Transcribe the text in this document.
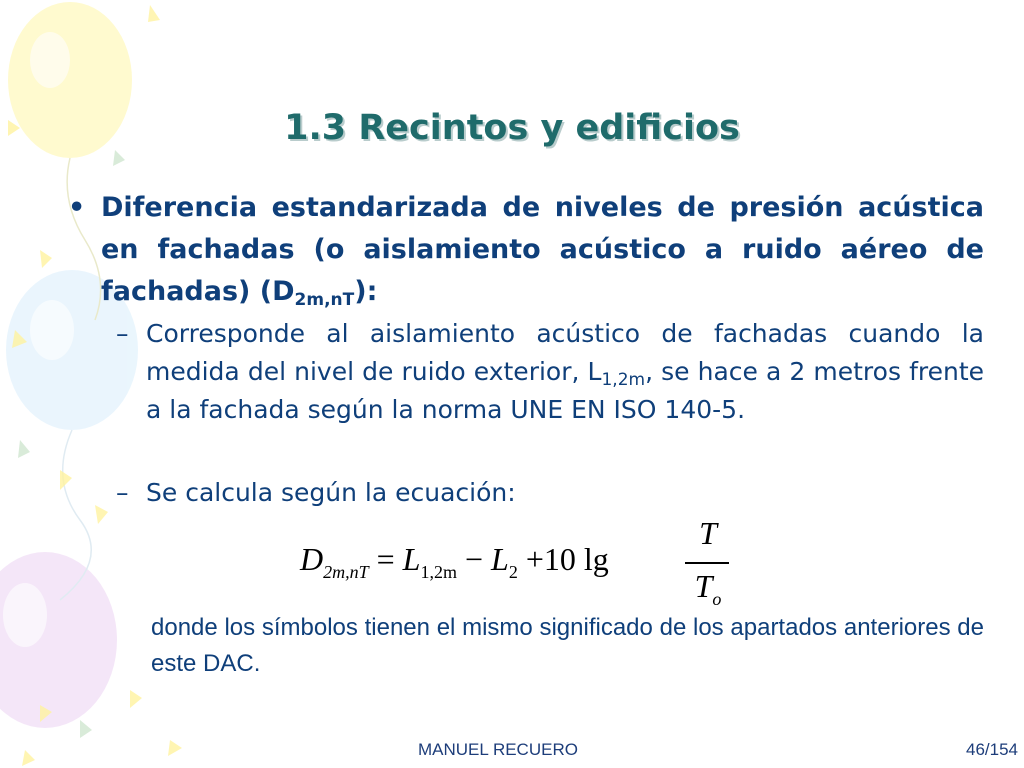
1.3 Recintos y edificios
• Diferencia estandarizada de niveles de presión acústica en fachadas (o aislamiento acústico a ruido aéreo de fachadas) $(D_{2m,nT})$:
– Corresponde al aislamiento acústico de fachadas cuando la medida del nivel de ruido exterior, $L_{1,2m}$, se hace a 2 metros frente a la fachada según la norma UNE EN ISO 140-5.
– Se calcula según la ecuación:
$D_{2m,nT} = L_{1,2m} - L_2 +10$ lg
T
$T_o$
donde los símbolos tienen el mismo significado de los apartados anteriores de este DAC.
MANUEL RECUERO	46/154
